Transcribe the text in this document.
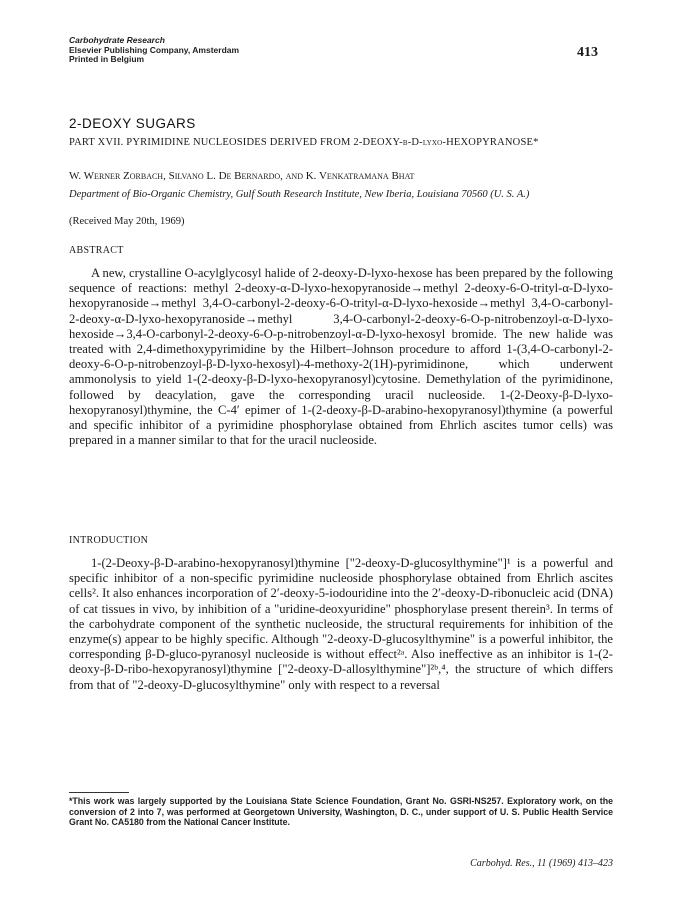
Carbohydrate Research
Elsevier Publishing Company, Amsterdam
Printed in Belgium	413
2-DEOXY SUGARS
PART XVII. PYRIMIDINE NUCLEOSIDES DERIVED FROM 2-DEOXY-β-D-lyxo-HEXOPYRANOSE*
W. Werner Zorbach, Silvano L. De Bernardo, and K. Venkatramana Bhat
Department of Bio-Organic Chemistry, Gulf South Research Institute, New Iberia, Louisiana 70560 (U. S. A.)
(Received May 20th, 1969)
ABSTRACT

A new, crystalline O-acylglycosyl halide of 2-deoxy-D-lyxo-hexose has been prepared by the following sequence of reactions: methyl 2-deoxy-α-D-lyxo-hexopyranoside→methyl 2-deoxy-6-O-trityl-α-D-lyxo-hexopyranoside→methyl 3,4-O-carbonyl-2-deoxy-6-O-trityl-α-D-lyxo-hexoside→methyl 3,4-O-carbonyl-2-deoxy-α-D-lyxo-hexopyranoside→methyl 3,4-O-carbonyl-2-deoxy-6-O-p-nitrobenzoyl-α-D-lyxo-hexoside→3,4-O-carbonyl-2-deoxy-6-O-p-nitrobenzoyl-α-D-lyxo-hexosyl bromide. The new halide was treated with 2,4-dimethoxypyrimidine by the Hilbert–Johnson procedure to afford 1-(3,4-O-carbonyl-2-deoxy-6-O-p-nitrobenzoyl-β-D-lyxo-hexosyl)-4-methoxy-2(1H)-pyrimidinone, which underwent ammonolysis to yield 1-(2-deoxy-β-D-lyxo-hexopyranosyl)cytosine. Demethylation of the pyrimidinone, followed by deacylation, gave the corresponding uracil nucleoside. 1-(2-Deoxy-β-D-lyxo-hexopyranosyl)thymine, the C-4′ epimer of 1-(2-deoxy-β-D-arabino-hexopyranosyl)thymine (a powerful and specific inhibitor of a pyrimidine phosphorylase obtained from Ehrlich ascites tumor cells) was prepared in a manner similar to that for the uracil nucleoside.

INTRODUCTION

1-(2-Deoxy-β-D-arabino-hexopyranosyl)thymine ["2-deoxy-D-glucosylthymine"]¹ is a powerful and specific inhibitor of a non-specific pyrimidine nucleoside phosphorylase obtained from Ehrlich ascites cells². It also enhances incorporation of 2′-deoxy-5-iodouridine into the 2′-deoxy-D-ribonucleic acid (DNA) of cat tissues in vivo, by inhibition of a "uridine-deoxyuridine" phosphorylase present therein³. In terms of the carbohydrate component of the synthetic nucleoside, the structural requirements for inhibition of the enzyme(s) appear to be highly specific. Although "2-deoxy-D-glucosylthymine" is a powerful inhibitor, the corresponding β-D-gluco-pyranosyl nucleoside is without effect²ᵃ. Also ineffective as an inhibitor is 1-(2-deoxy-β-D-ribo-hexopyranosyl)thymine ["2-deoxy-D-allosylthymine"]²ᵇ,⁴, the structure of which differs from that of "2-deoxy-D-glucosylthymine" only with respect to a reversal

*This work was largely supported by the Louisiana State Science Foundation, Grant No. GSRI-NS257. Exploratory work, on the conversion of 2 into 7, was performed at Georgetown University, Washington, D. C., under support of U. S. Public Health Service Grant No. CA5180 from the National Cancer Institute.

Carbohyd. Res., 11 (1969) 413–423
